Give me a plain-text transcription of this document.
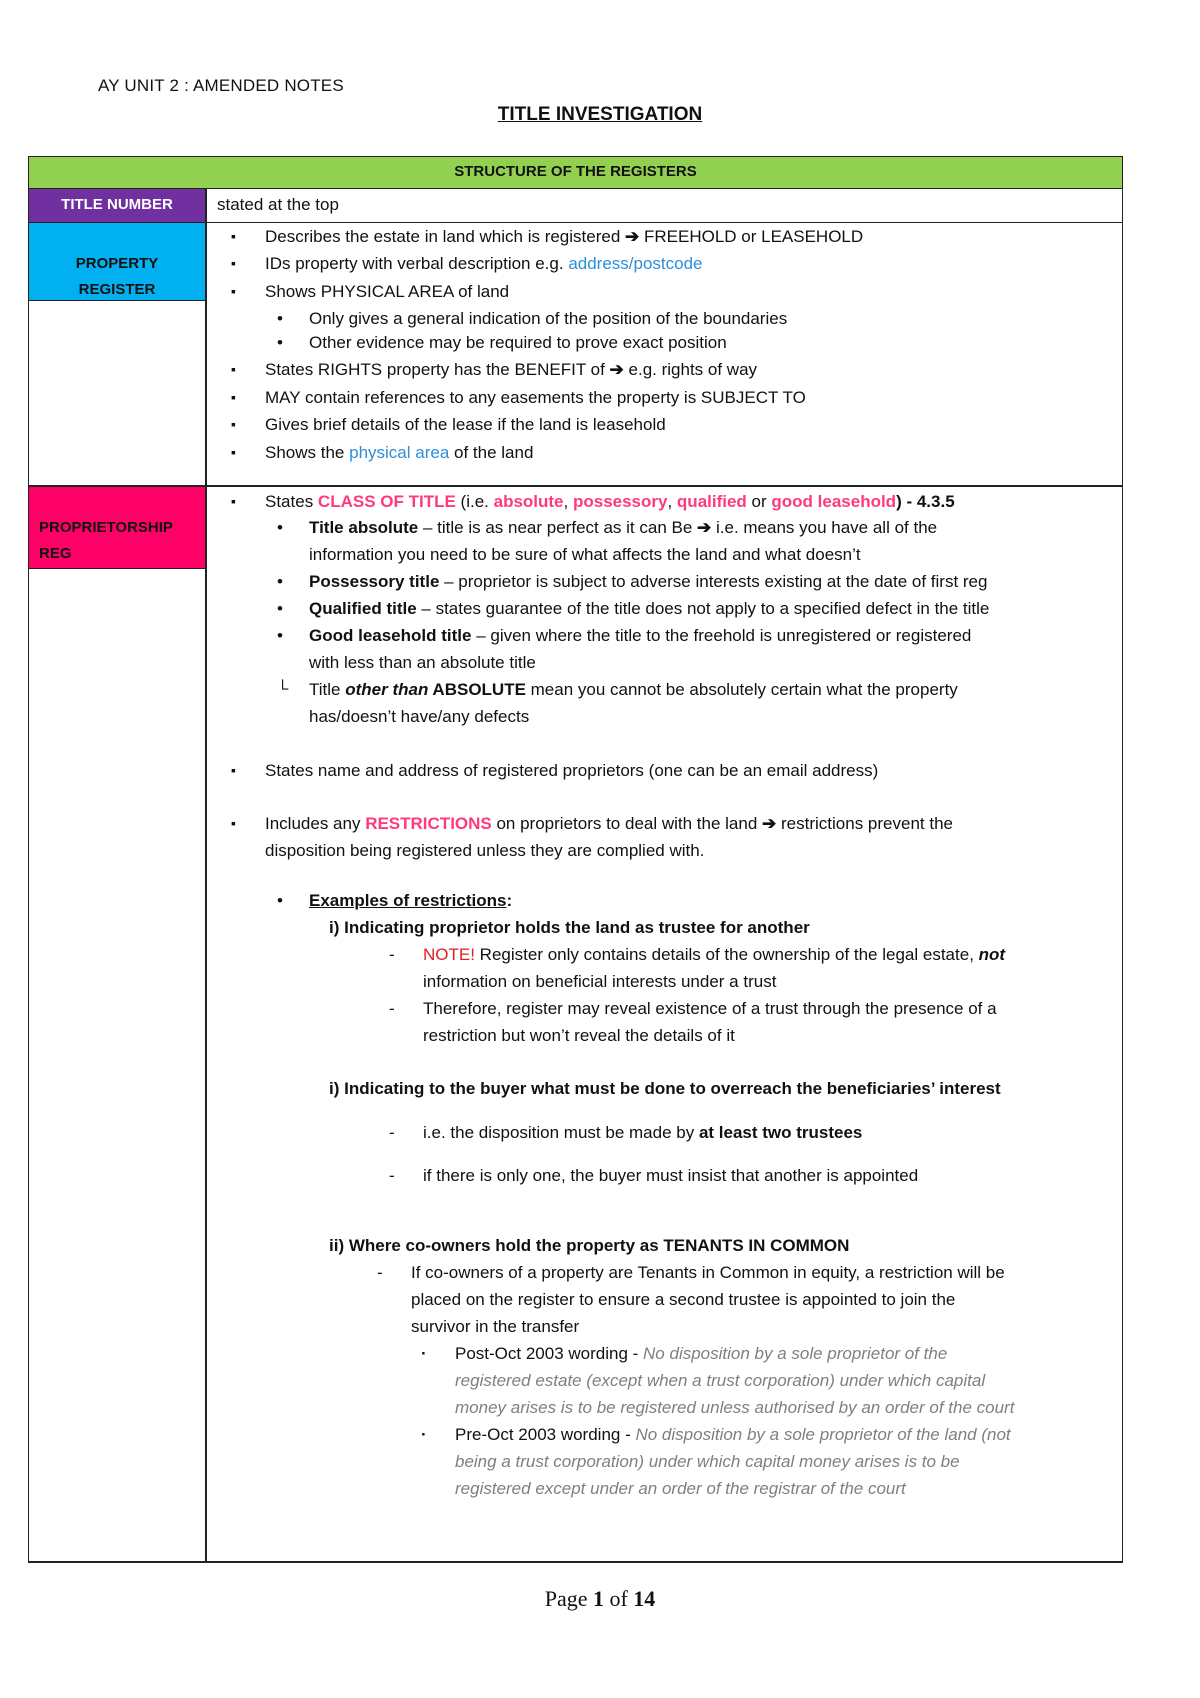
AY UNIT 2 : AMENDED NOTES
TITLE INVESTIGATION
STRUCTURE OF THE REGISTERS
TITLE NUMBER	stated at the top
PROPERTY
REGISTER
▪ Describes the estate in land which is registered ➔ FREEHOLD or LEASEHOLD
▪ IDs property with verbal description e.g. address/postcode
▪ Shows PHYSICAL AREA of land
• Only gives a general indication of the position of the boundaries
• Other evidence may be required to prove exact position
▪ States RIGHTS property has the BENEFIT of ➔ e.g. rights of way
▪ MAY contain references to any easements the property is SUBJECT TO
▪ Gives brief details of the lease if the land is leasehold
▪ Shows the physical area of the land
PROPRIETORSHIP
REG
▪ States CLASS OF TITLE (i.e. absolute, possessory, qualified or good leasehold) - 4.3.5
• Title absolute – title is as near perfect as it can Be ➔ i.e. means you have all of the
information you need to be sure of what affects the land and what doesn’t
• Possessory title – proprietor is subject to adverse interests existing at the date of first reg
• Qualified title – states guarantee of the title does not apply to a specified defect in the title
• Good leasehold title – given where the title to the freehold is unregistered or registered
with less than an absolute title
└ Title other than ABSOLUTE mean you cannot be absolutely certain what the property
has/doesn’t have/any defects
▪ States name and address of registered proprietors (one can be an email address)
▪ Includes any RESTRICTIONS on proprietors to deal with the land ➔ restrictions prevent the
disposition being registered unless they are complied with.
• Examples of restrictions:
i) Indicating proprietor holds the land as trustee for another
- NOTE! Register only contains details of the ownership of the legal estate, not
information on beneficial interests under a trust
- Therefore, register may reveal existence of a trust through the presence of a
restriction but won’t reveal the details of it
i) Indicating to the buyer what must be done to overreach the beneficiaries’ interest
- i.e. the disposition must be made by at least two trustees
- if there is only one, the buyer must insist that another is appointed
ii) Where co-owners hold the property as TENANTS IN COMMON
- If co-owners of a property are Tenants in Common in equity, a restriction will be
placed on the register to ensure a second trustee is appointed to join the
survivor in the transfer
· Post-Oct 2003 wording - No disposition by a sole proprietor of the
registered estate (except when a trust corporation) under which capital
money arises is to be registered unless authorised by an order of the court
· Pre-Oct 2003 wording - No disposition by a sole proprietor of the land (not
being a trust corporation) under which capital money arises is to be
registered except under an order of the registrar of the court
Page 1 of 14
